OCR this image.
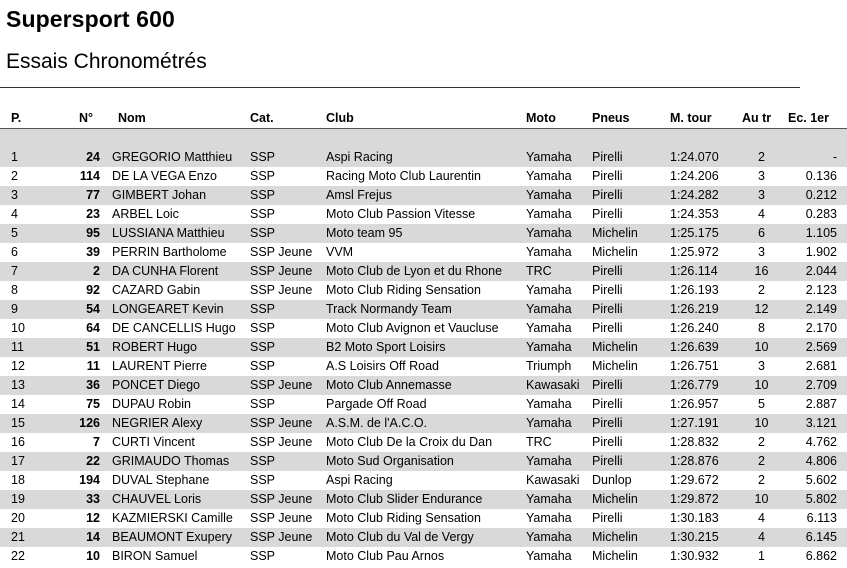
Supersport 600
Essais Chronométrés
P.	N°	Nom	Cat.	Club	Moto	Pneus	M. tour	Au tr	Ec. 1er

1	24	GREGORIO Matthieu	SSP	Aspi Racing	Yamaha	Pirelli	1:24.070	2	-
2	114	DE LA VEGA Enzo	SSP	Racing Moto Club Laurentin	Yamaha	Pirelli	1:24.206	3	0.136
3	77	GIMBERT Johan	SSP	Amsl Frejus	Yamaha	Pirelli	1:24.282	3	0.212
4	23	ARBEL Loic	SSP	Moto Club Passion Vitesse	Yamaha	Pirelli	1:24.353	4	0.283
5	95	LUSSIANA Matthieu	SSP	Moto team 95	Yamaha	Michelin	1:25.175	6	1.105
6	39	PERRIN Bartholome	SSP Jeune	VVM	Yamaha	Michelin	1:25.972	3	1.902
7	2	DA CUNHA Florent	SSP Jeune	Moto Club de Lyon et du Rhone	TRC	Pirelli	1:26.114	16	2.044
8	92	CAZARD Gabin	SSP Jeune	Moto Club Riding Sensation	Yamaha	Pirelli	1:26.193	2	2.123
9	54	LONGEARET Kevin	SSP	Track Normandy Team	Yamaha	Pirelli	1:26.219	12	2.149
10	64	DE CANCELLIS Hugo	SSP	Moto Club Avignon et Vaucluse	Yamaha	Pirelli	1:26.240	8	2.170
11	51	ROBERT Hugo	SSP	B2 Moto Sport Loisirs	Yamaha	Michelin	1:26.639	10	2.569
12	11	LAURENT Pierre	SSP	A.S Loisirs Off Road	Triumph	Michelin	1:26.751	3	2.681
13	36	PONCET Diego	SSP Jeune	Moto Club Annemasse	Kawasaki	Pirelli	1:26.779	10	2.709
14	75	DUPAU Robin	SSP	Pargade Off Road	Yamaha	Pirelli	1:26.957	5	2.887
15	126	NEGRIER Alexy	SSP Jeune	A.S.M. de l'A.C.O.	Yamaha	Pirelli	1:27.191	10	3.121
16	7	CURTI Vincent	SSP Jeune	Moto Club De la Croix du Dan	TRC	Pirelli	1:28.832	2	4.762
17	22	GRIMAUDO Thomas	SSP	Moto Sud Organisation	Yamaha	Pirelli	1:28.876	2	4.806
18	194	DUVAL Stephane	SSP	Aspi Racing	Kawasaki	Dunlop	1:29.672	2	5.602
19	33	CHAUVEL Loris	SSP Jeune	Moto Club Slider Endurance	Yamaha	Michelin	1:29.872	10	5.802
20	12	KAZMIERSKI Camille	SSP Jeune	Moto Club Riding Sensation	Yamaha	Pirelli	1:30.183	4	6.113
21	14	BEAUMONT Exupery	SSP Jeune	Moto Club du Val de Vergy	Yamaha	Michelin	1:30.215	4	6.145
22	10	BIRON Samuel	SSP	Moto Club Pau Arnos	Yamaha	Michelin	1:30.932	1	6.862
